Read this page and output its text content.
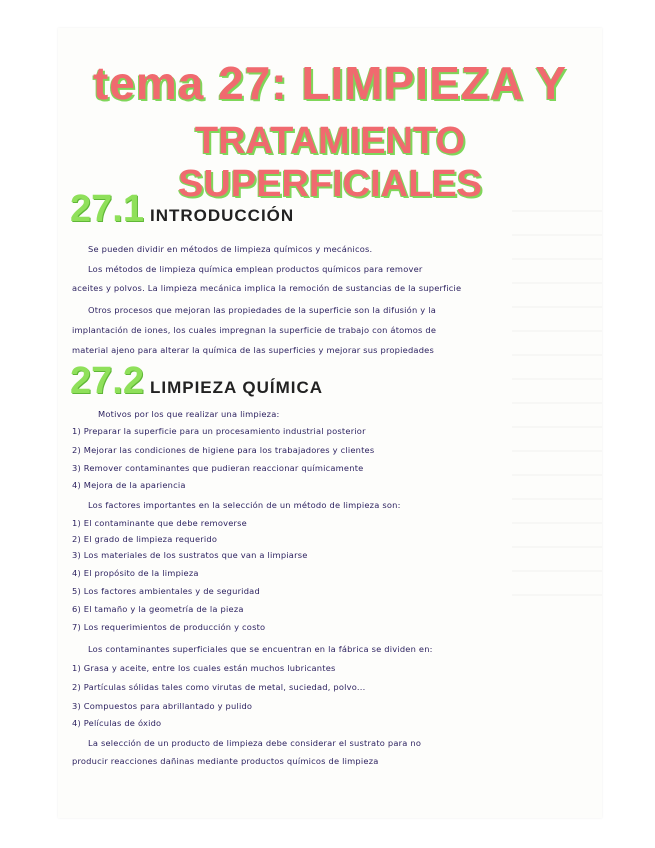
tema 27: LIMPIEZA Y
TRATAMIENTO SUPERFICIALES
27.1 INTRODUCCIÓN
Se pueden dividir en métodos de limpieza químicos y mecánicos.
Los métodos de limpieza química emplean productos químicos para remover
aceites y polvos. La limpieza mecánica implica la remoción de sustancias de la superficie
Otros procesos que mejoran las propiedades de la superficie son la difusión y la
implantación de iones, los cuales impregnan la superficie de trabajo con átomos de
material ajeno para alterar la química de las superficies y mejorar sus propiedades
27.2 LIMPIEZA QUÍMICA
Motivos por los que realizar una limpieza:
1) Preparar la superficie para un procesamiento industrial posterior
2) Mejorar las condiciones de higiene para los trabajadores y clientes
3) Remover contaminantes que pudieran reaccionar químicamente
4) Mejora de la apariencia
Los factores importantes en la selección de un método de limpieza son:
1) El contaminante que debe removerse
2) El grado de limpieza requerido
3) Los materiales de los sustratos que van a limpiarse
4) El propósito de la limpieza
5) Los factores ambientales y de seguridad
6) El tamaño y la geometría de la pieza
7) Los requerimientos de producción y costo
Los contaminantes superficiales que se encuentran en la fábrica se dividen en:
1) Grasa y aceite, entre los cuales están muchos lubricantes
2) Partículas sólidas tales como virutas de metal, suciedad, polvo...
3) Compuestos para abrillantado y pulido
4) Películas de óxido
La selección de un producto de limpieza debe considerar el sustrato para no
producir reacciones dañinas mediante productos químicos de limpieza
